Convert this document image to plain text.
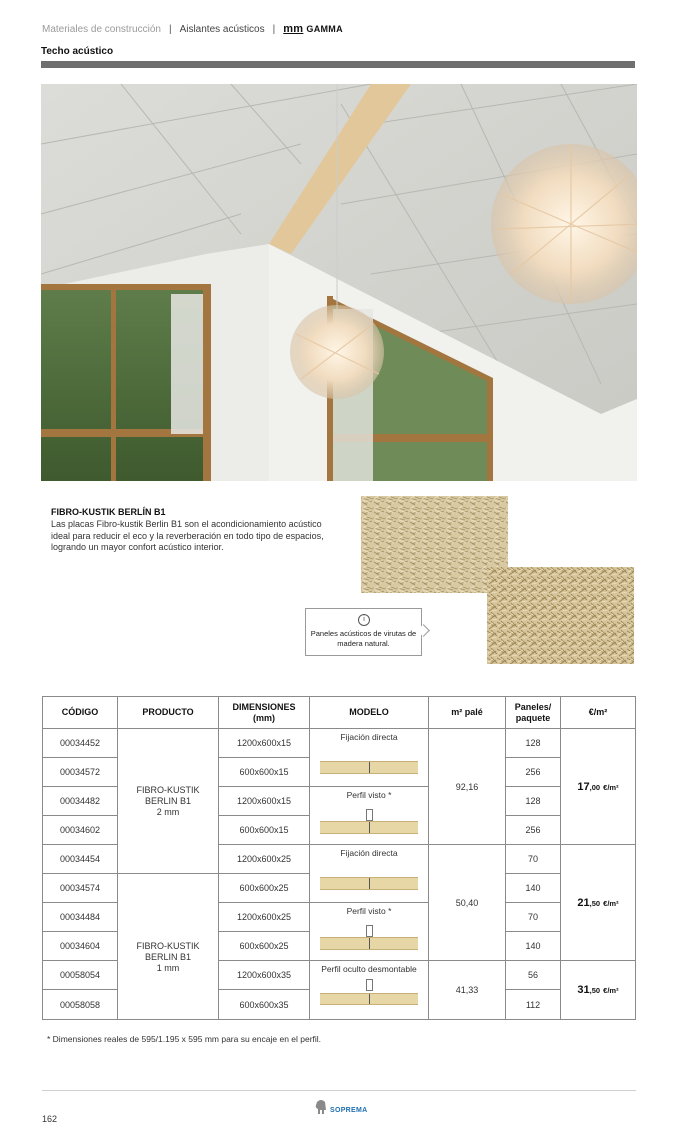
Materiales de construcción | Aislantes acústicos | mm GAMMA
Techo acústico
FIBRO-KUSTIK BERLÍN B1
Las placas Fibro-kustik Berlin B1 son el acondicionamiento acústico ideal para reducir el eco y la reverberación en todo tipo de espacios, logrando un mayor confort acústico interior.
i
Paneles acústicos de virutas de madera natural.
CÓDIGO	PRODUCTO
DIMENSIONES
(mm)
MODELO	m² palé
Paneles/
paquete
€/m²
00034452
00034572
00034482
00034602
00034454
00034574
00034484
00034604
00058054
00058058
FIBRO-KUSTIK
BERLIN B1
2 mm
FIBRO-KUSTIK
BERLIN B1
1 mm
1200x600x15
600x600x15
1200x600x15
600x600x15
1200x600x25
600x600x25
1200x600x25
600x600x25
1200x600x35
600x600x35
Fijación directa
Perfil visto *
Fijación directa
Perfil visto *
Perfil oculto desmontable
92,16
50,40
41,33
128
256
128
256
70
140
70
140
56
112
17,00 €/m²
21,50 €/m²
31,50 €/m²
* Dimensiones reales de 595/1.195 x 595 mm para su encaje en el perfil.
162
SOPREMA
